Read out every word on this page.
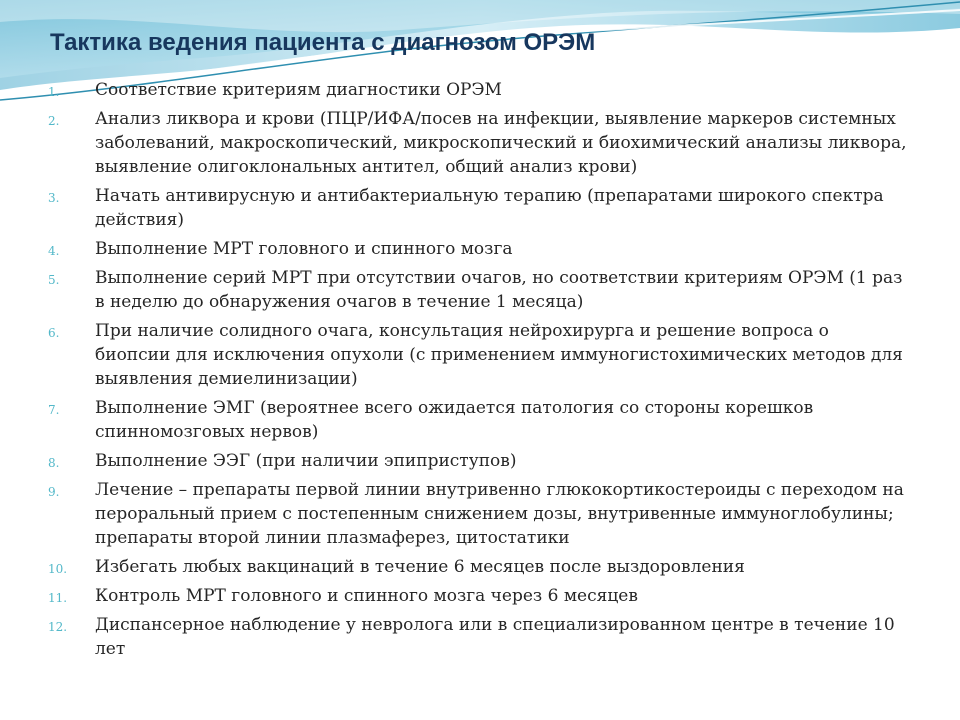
Тактика ведения пациента с диагнозом ОРЭМ
1.	Соответствие критериям диагностики ОРЭМ
2.	Анализ ликвора и крови (ПЦР/ИФА/посев на инфекции, выявление маркеров системных заболеваний, макроскопический, микроскопический и биохимический анализы ликвора, выявление олигоклональных антител, общий анализ крови)
3.	Начать антивирусную и антибактериальную терапию (препаратами широкого спектра действия)
4.	Выполнение МРТ головного и спинного мозга
5.	Выполнение серий МРТ при отсутствии очагов, но соответствии критериям ОРЭМ (1 раз в неделю до обнаружения очагов в течение 1 месяца)
6.	При наличие солидного очага, консультация нейрохирурга и решение вопроса о биопсии для исключения опухоли (с применением иммуногистохимических методов для выявления демиелинизации)
7.	Выполнение ЭМГ (вероятнее всего ожидается патология со стороны корешков спинномозговых нервов)
8.	Выполнение ЭЭГ (при наличии эпиприступов)
9.	Лечение – препараты первой линии внутривенно глюкокортикостероиды с переходом на пероральный прием с постепенным снижением дозы, внутривенные иммуноглобулины; препараты второй линии плазмаферез, цитостатики
10.	Избегать любых вакцинаций в течение 6 месяцев после выздоровления
11.	Контроль МРТ головного и спинного мозга через 6 месяцев
12.	Диспансерное наблюдение у невролога или в специализированном центре в течение 10 лет
